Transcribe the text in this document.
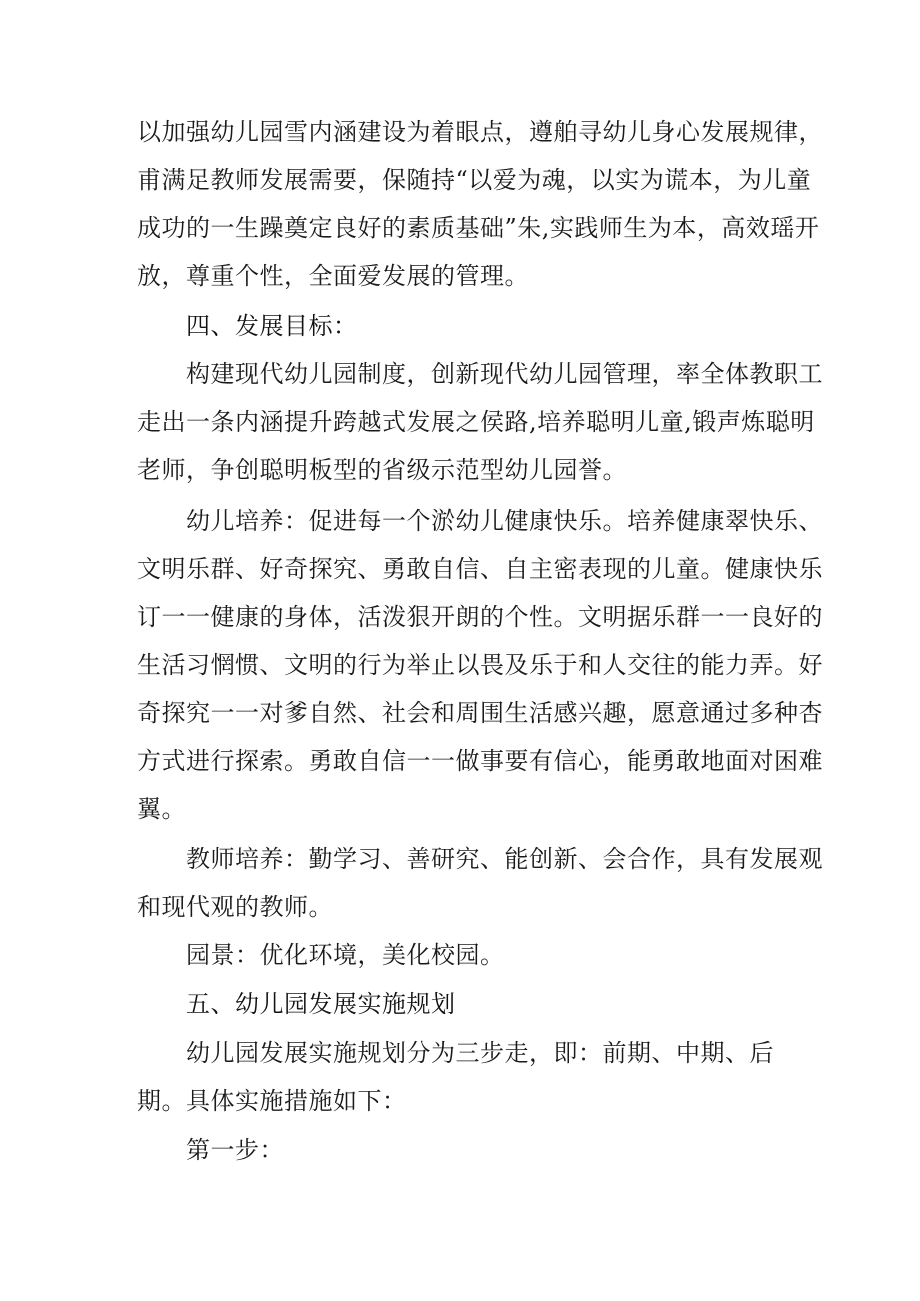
以加强幼儿园雪内涵建设为着眼点，遵舶寻幼儿身心发展规律，
甫满足教师发展需要，保随持“以爱为魂，以实为谎本，为儿童
成功的一生躁奠定良好的素质基础”朱,实践师生为本，高效瑶开
放，尊重个性，全面爱发展的管理。
四、发展目标：
构建现代幼儿园制度，创新现代幼儿园管理，率全体教职工
走出一条内涵提升跨越式发展之侯路,培养聪明儿童,锻声炼聪明
老师，争创聪明板型的省级示范型幼儿园誉。
幼儿培养：促进每一个淤幼儿健康快乐。培养健康翠快乐、
文明乐群、好奇探究、勇敢自信、自主密表现的儿童。健康快乐
订一一健康的身体，活泼狠开朗的个性。文明据乐群一一良好的
生活习惘惯、文明的行为举止以畏及乐于和人交往的能力弄。好
奇探究一一对爹自然、社会和周围生活感兴趣，愿意通过多种杏
方式进行探索。勇敢自信一一做事要有信心，能勇敢地面对困难
翼。
教师培养：勤学习、善研究、能创新、会合作，具有发展观
和现代观的教师。
园景：优化环境，美化校园。
五、幼儿园发展实施规划
幼儿园发展实施规划分为三步走，即：前期、中期、后
期。具体实施措施如下：
第一步：
